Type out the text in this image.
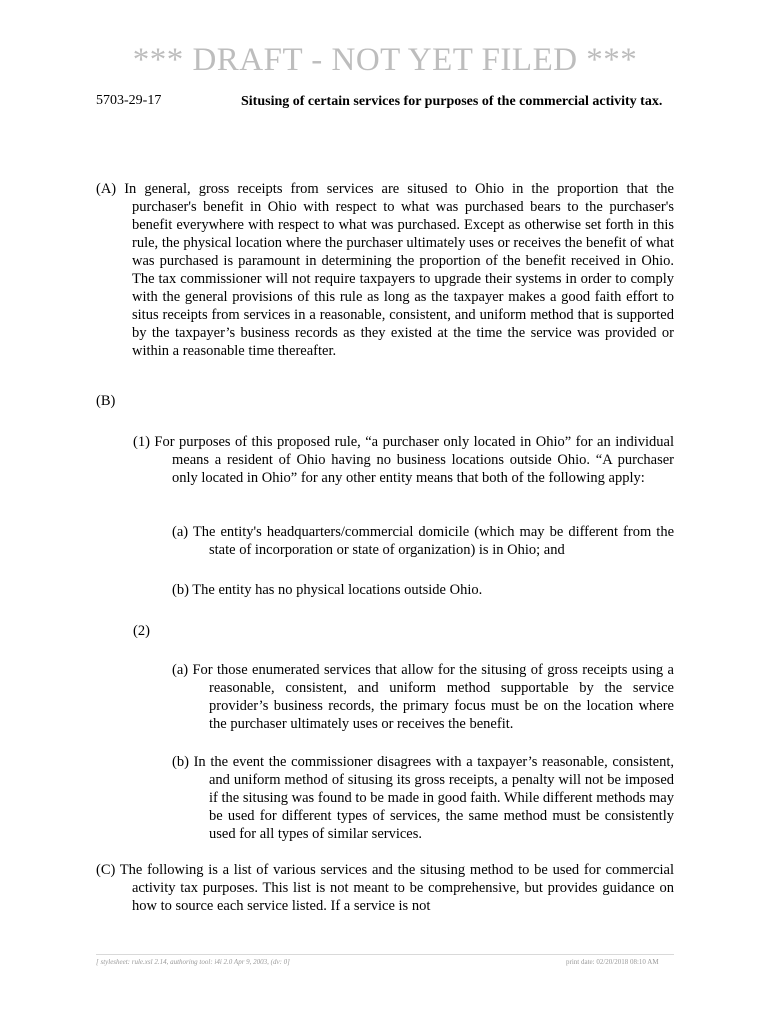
*** DRAFT - NOT YET FILED ***
5703-29-17	Situsing of certain services for purposes of the commercial activity tax.

(A) In general, gross receipts from services are sitused to Ohio in the proportion that the purchaser's benefit in Ohio with respect to what was purchased bears to the purchaser's benefit everywhere with respect to what was purchased. Except as otherwise set forth in this rule, the physical location where the purchaser ultimately uses or receives the benefit of what was purchased is paramount in determining the proportion of the benefit received in Ohio. The tax commissioner will not require taxpayers to upgrade their systems in order to comply with the general provisions of this rule as long as the taxpayer makes a good faith effort to situs receipts from services in a reasonable, consistent, and uniform method that is supported by the taxpayer’s business records as they existed at the time the service was provided or within a reasonable time thereafter.

(B)

(1) For purposes of this proposed rule, “a purchaser only located in Ohio” for an individual means a resident of Ohio having no business locations outside Ohio. “A purchaser only located in Ohio” for any other entity means that both of the following apply:

(a) The entity's headquarters/commercial domicile (which may be different from the state of incorporation or state of organization) is in Ohio; and

(b) The entity has no physical locations outside Ohio.

(2)

(a) For those enumerated services that allow for the situsing of gross receipts using a reasonable, consistent, and uniform method supportable by the service provider’s business records, the primary focus must be on the location where the purchaser ultimately uses or receives the benefit.

(b) In the event the commissioner disagrees with a taxpayer’s reasonable, consistent, and uniform method of situsing its gross receipts, a penalty will not be imposed if the situsing was found to be made in good faith. While different methods may be used for different types of services, the same method must be consistently used for all types of similar services.

(C) The following is a list of various services and the situsing method to be used for commercial activity tax purposes. This list is not meant to be comprehensive, but provides guidance on how to source each service listed. If a service is not

[ stylesheet: rule.xsl 2.14, authoring tool: i4i 2.0 Apr 9, 2003, (dv: 0]	print date: 02/20/2018 08:10 AM
